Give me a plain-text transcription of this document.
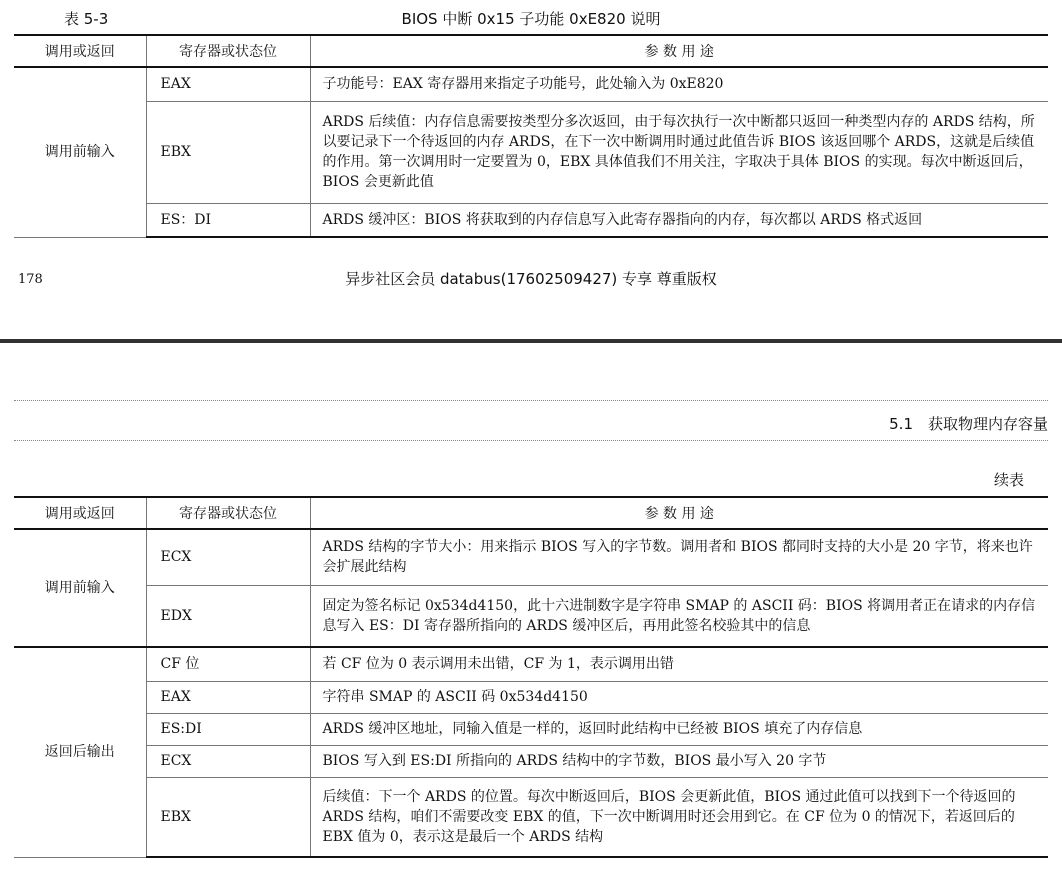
表 5-3	BIOS 中断 0x15 子功能 0xE820 说明
调用或返回	寄存器或状态位	参 数 用 途
调用前输入	EAX	子功能号：EAX 寄存器用来指定子功能号，此处输入为 0xE820
	EBX	ARDS 后续值：内存信息需要按类型分多次返回，由于每次执行一次中断都只返回一种类型内存的 ARDS 结构，所以要记录下一个待返回的内存 ARDS，在下一次中断调用时通过此值告诉 BIOS 该返回哪个 ARDS，这就是后续值的作用。第一次调用时一定要置为 0，EBX 具体值我们不用关注，字取决于具体 BIOS 的实现。每次中断返回后，BIOS 会更新此值
	ES：DI	ARDS 缓冲区：BIOS 将获取到的内存信息写入此寄存器指向的内存，每次都以 ARDS 格式返回
178	异步社区会员 databus(17602509427) 专享 尊重版权
5.1　获取物理内存容量
续表
调用或返回	寄存器或状态位	参 数 用 途
调用前输入	ECX	ARDS 结构的字节大小：用来指示 BIOS 写入的字节数。调用者和 BIOS 都同时支持的大小是 20 字节，将来也许会扩展此结构
	EDX	固定为签名标记 0x534d4150，此十六进制数字是字符串 SMAP 的 ASCII 码：BIOS 将调用者正在请求的内存信息写入 ES：DI 寄存器所指向的 ARDS 缓冲区后，再用此签名校验其中的信息
返回后输出	CF 位	若 CF 位为 0 表示调用未出错，CF 为 1，表示调用出错
	EAX	字符串 SMAP 的 ASCII 码 0x534d4150
	ES:DI	ARDS 缓冲区地址，同输入值是一样的，返回时此结构中已经被 BIOS 填充了内存信息
	ECX	BIOS 写入到 ES:DI 所指向的 ARDS 结构中的字节数，BIOS 最小写入 20 字节
	EBX	后续值：下一个 ARDS 的位置。每次中断返回后，BIOS 会更新此值，BIOS 通过此值可以找到下一个待返回的 ARDS 结构，咱们不需要改变 EBX 的值，下一次中断调用时还会用到它。在 CF 位为 0 的情况下，若返回后的 EBX 值为 0，表示这是最后一个 ARDS 结构
